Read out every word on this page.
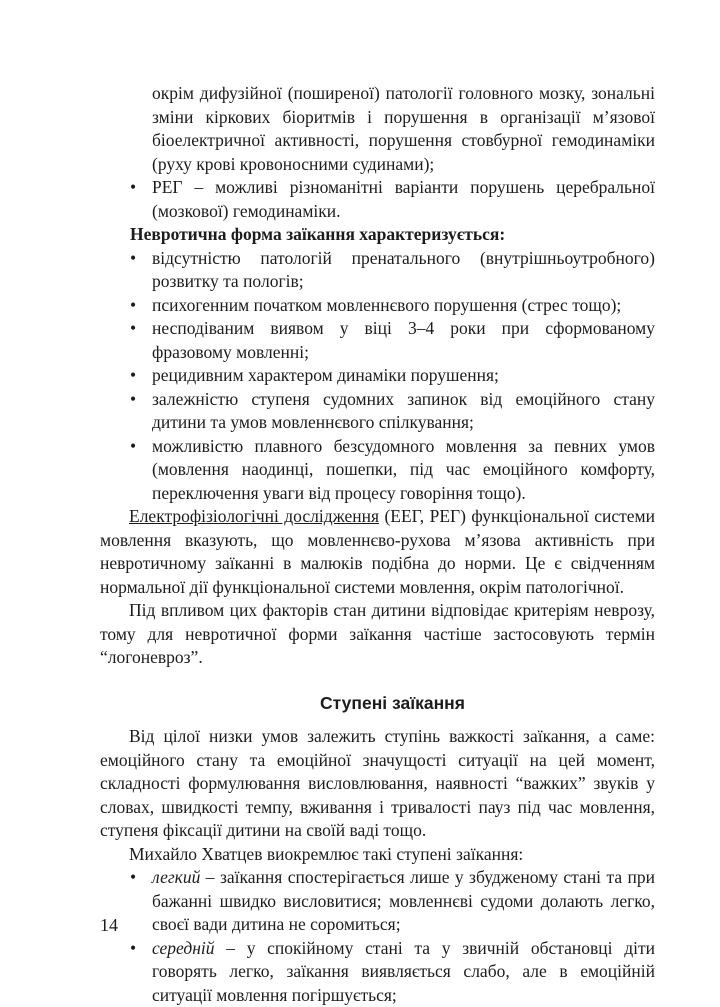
окрім дифузійної (поширеної) патології головного мозку, зональні зміни кіркових біоритмів і порушення в організації м’язової біоелектричної активності, порушення стовбурної гемодинаміки (руху крові кровоносними судинами);

• РЕГ – можливі різноманітні варіанти порушень церебральної (мозкової) гемодинаміки.

Невротична форма заїкання характеризується:

• відсутністю патологій пренатального (внутрішньоутробного) розвитку та пологів;
• психогенним початком мовленнєвого порушення (стрес тощо);
• несподіваним виявом у віці 3–4 роки при сформованому фразовому мовленні;
• рецидивним характером динаміки порушення;
• залежністю ступеня судомних запинок від емоційного стану дитини та умов мовленнєвого спілкування;
• можливістю плавного безсудомного мовлення за певних умов (мовлення наодинці, пошепки, під час емоційного комфорту, переключення уваги від процесу говоріння тощо).

Електрофізіологічні дослідження (ЕЕГ, РЕГ) функціональної системи мовлення вказують, що мовленнєво-рухова м’язова активність при невротичному заїканні в малюків подібна до норми. Це є свідченням нормальної дії функціональної системи мовлення, окрім патологічної.

Під впливом цих факторів стан дитини відповідає критеріям неврозу, тому для невротичної форми заїкання частіше застосовують термін “логоневроз”.

Ступені заїкання

Від цілої низки умов залежить ступінь важкості заїкання, а саме: емоційного стану та емоційної значущості ситуації на цей момент, складності формулювання висловлювання, наявності “важких” звуків у словах, швидкості темпу, вживання і тривалості пауз під час мовлення, ступеня фіксації дитини на своїй ваді тощо.

Михайло Хватцев виокремлює такі ступені заїкання:

• легкий – заїкання спостерігається лише у збудженому стані та при бажанні швидко висловитися; мовленнєві судоми долають легко, своєї вади дитина не соромиться;
• середній – у спокійному стані та у звичній обстановці діти говорять легко, заїкання виявляється слабо, але в емоційній ситуації мовлення погіршується;
14
